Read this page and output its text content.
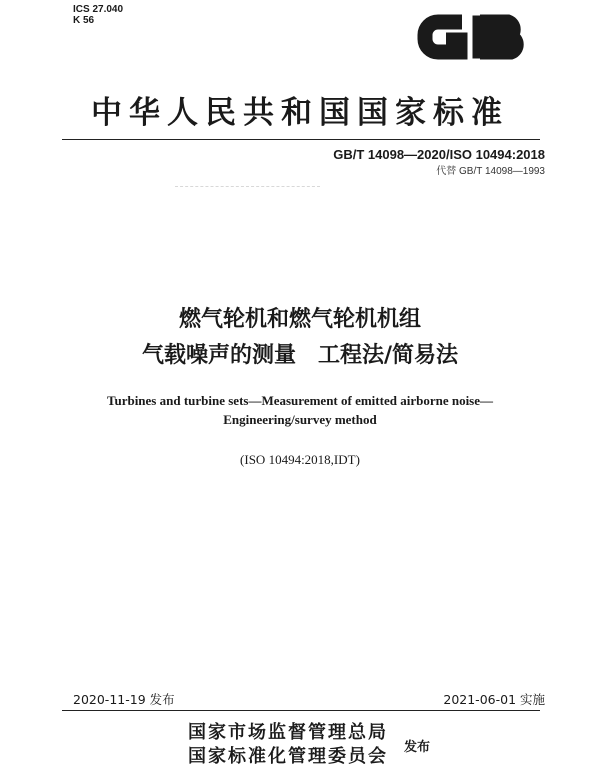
ICS 27.040
K 56
中华人民共和国国家标准
GB/T 14098—2020/ISO 10494:2018
代替 GB/T 14098—1993
燃气轮机和燃气轮机机组
气载噪声的测量　工程法/简易法
Turbines and turbine sets—Measurement of emitted airborne noise—
Engineering/survey method
(ISO 10494:2018,IDT)
2020-11-19 发布	2021-06-01 实施
国家市场监督管理总局
国家标准化管理委员会 发布
